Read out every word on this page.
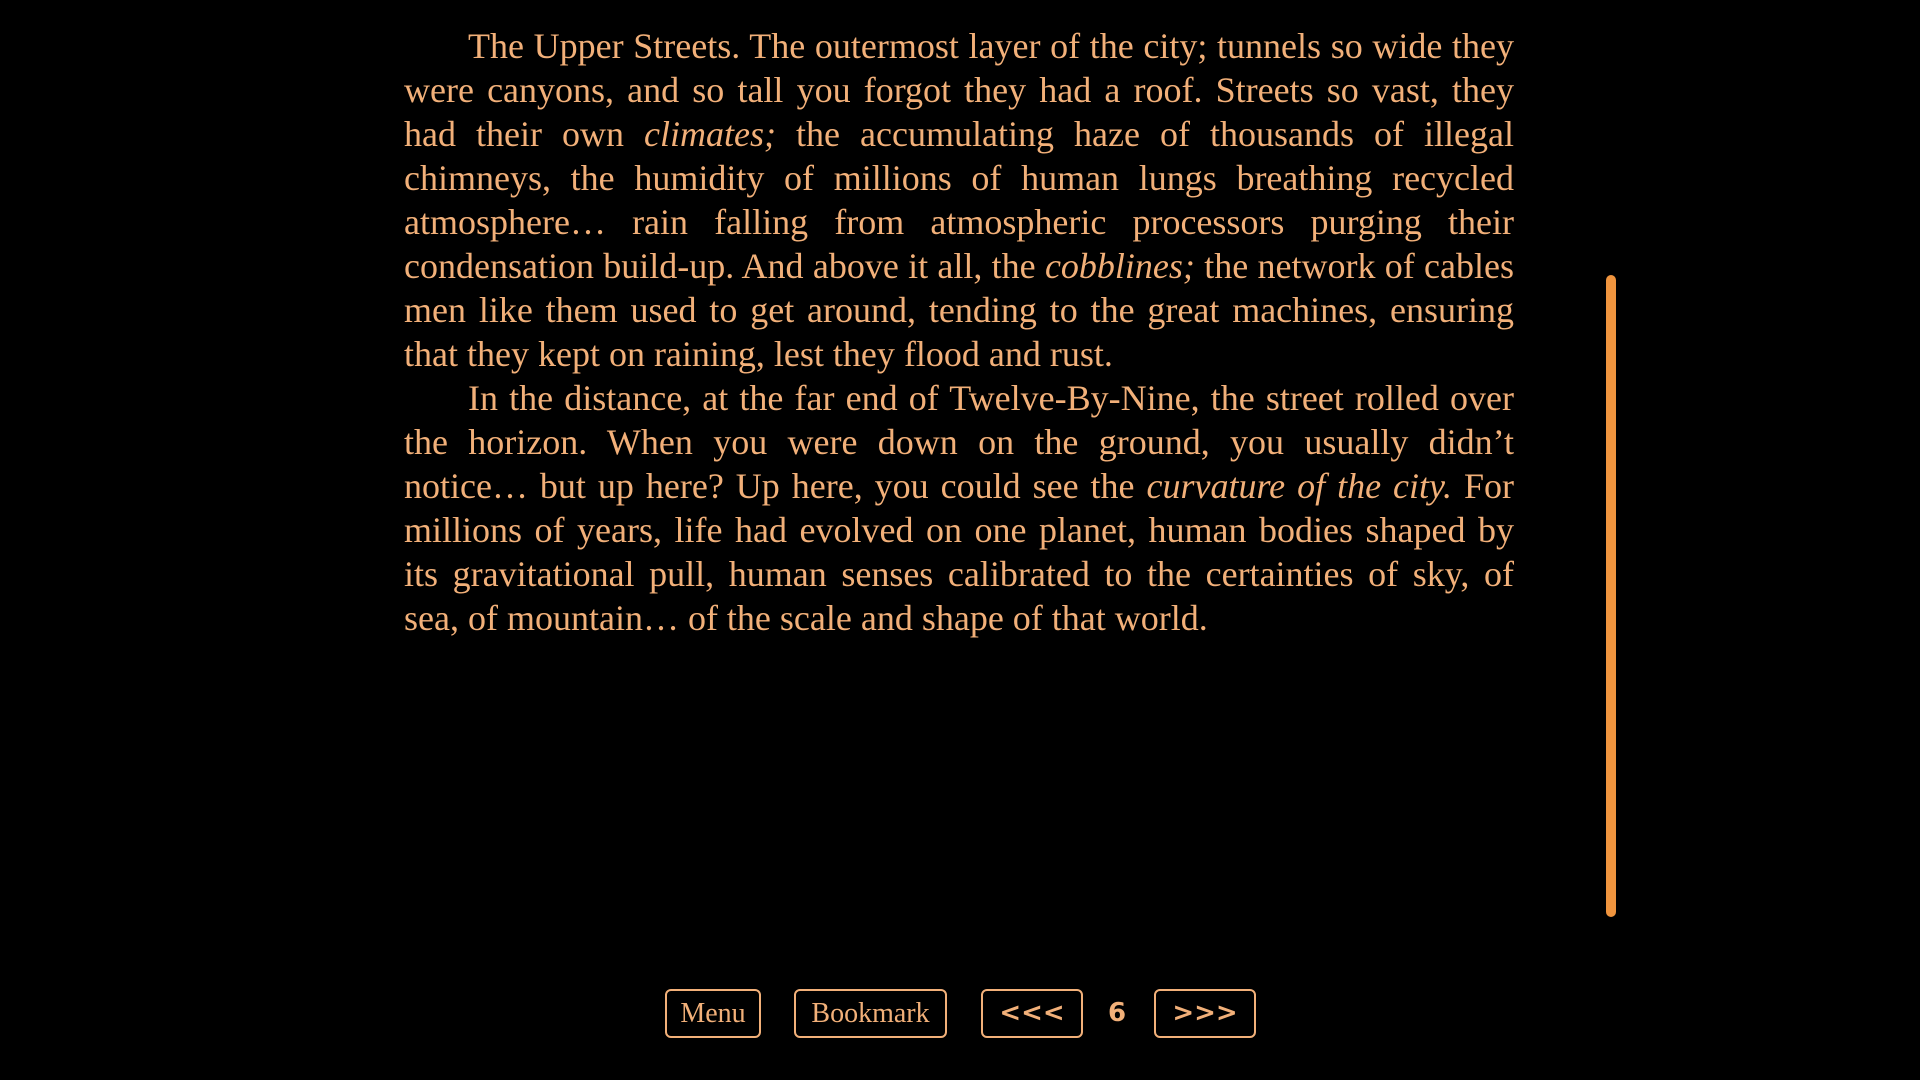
The Upper Streets. The outermost layer of the city; tunnels so wide they were canyons, and so tall you forgot they had a roof. Streets so vast, they had their own climates; the accumulating haze of thousands of illegal chimneys, the humidity of millions of human lungs breathing recycled atmosphere… rain falling from atmospheric processors purging their condensation build-up. And above it all, the cobblines; the network of cables men like them used to get around, tending to the great machines, ensuring that they kept on raining, lest they flood and rust.

In the distance, at the far end of Twelve-By-Nine, the street rolled over the horizon. When you were down on the ground, you usually didn’t notice… but up here? Up here, you could see the curvature of the city. For millions of years, life had evolved on one planet, human bodies shaped by its gravitational pull, human senses calibrated to the certainties of sky, of sea, of mountain… of the scale and shape of that world.

Menu	Bookmark	<<<	6	>>>
